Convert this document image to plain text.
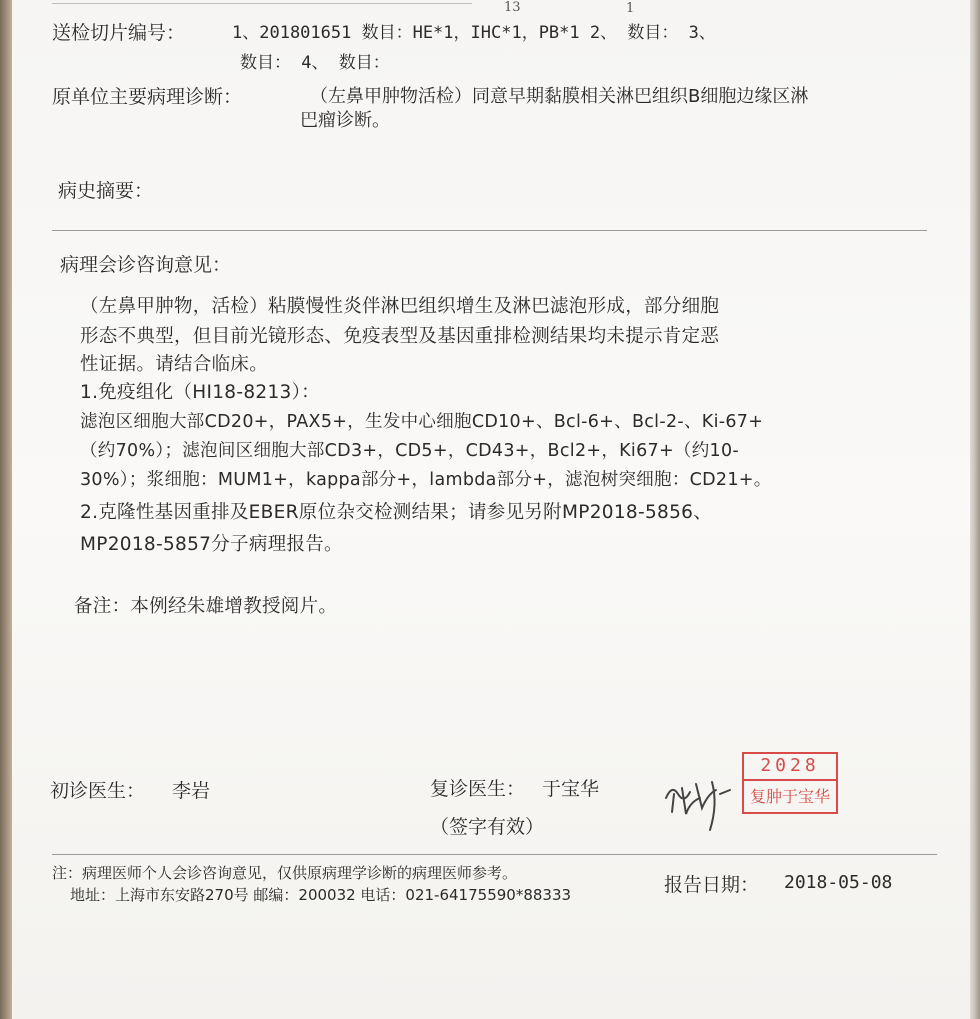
送检切片编号：	1、201801651 数目：HE*1，IHC*1，PB*1 2、 数目： 3、
数目： 4、 数目：
13	1
原单位主要病理诊断：	（左鼻甲肿物活检）同意早期黏膜相关淋巴组织B细胞边缘区淋
巴瘤诊断。
病史摘要：
病理会诊咨询意见：
（左鼻甲肿物，活检）粘膜慢性炎伴淋巴组织增生及淋巴滤泡形成，部分细胞
形态不典型，但目前光镜形态、免疫表型及基因重排检测结果均未提示肯定恶
性证据。请结合临床。
1.免疫组化（HI18-8213）：
滤泡区细胞大部CD20+，PAX5+，生发中心细胞CD10+、Bcl-6+、Bcl-2-、Ki-67+
（约70%）；滤泡间区细胞大部CD3+，CD5+，CD43+，Bcl2+，Ki67+（约10-
30%）；浆细胞：MUM1+，kappa部分+，lambda部分+，滤泡树突细胞：CD21+。
2.克隆性基因重排及EBER原位杂交检测结果；请参见另附MP2018-5856、
MP2018-5857分子病理报告。
备注：本例经朱雄增教授阅片。
初诊医生： 李岩	复诊医生： 于宝华
（签字有效）
2028
复肿于宝华
注：病理医师个人会诊咨询意见，仅供原病理学诊断的病理医师参考。
地址：上海市东安路270号 邮编：200032 电话：021-64175590*88333	报告日期： 2018-05-08
